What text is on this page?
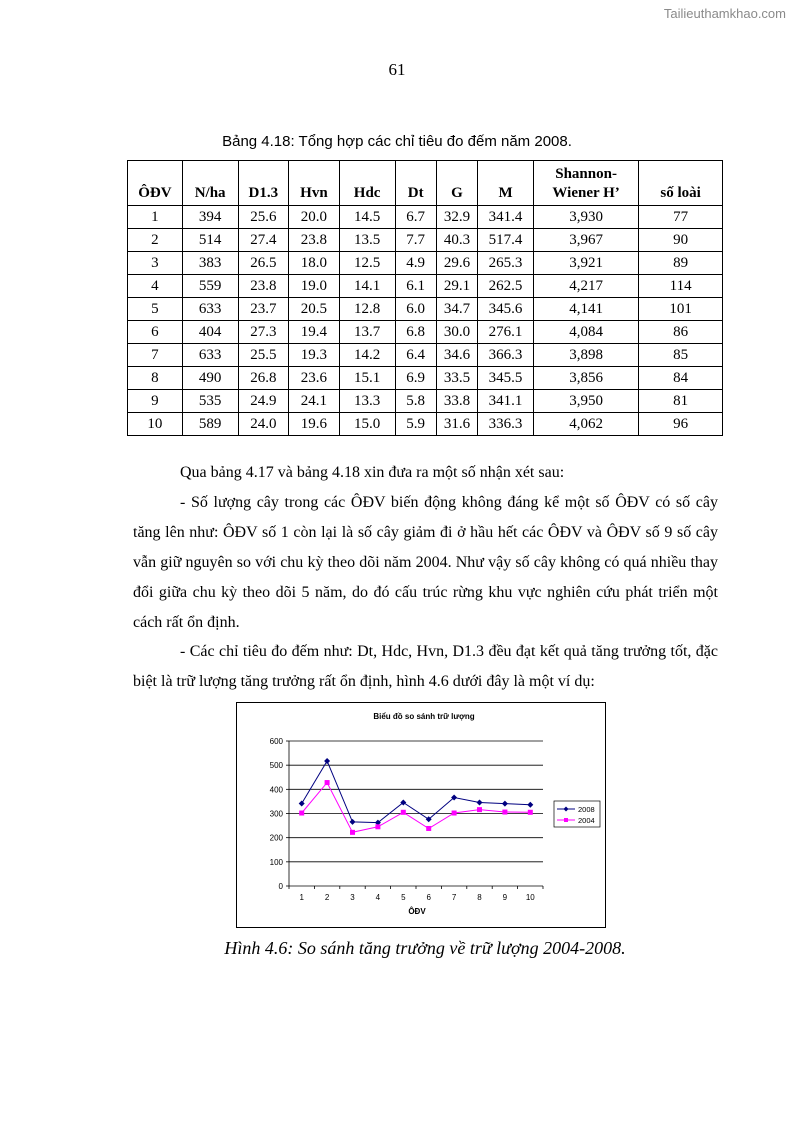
Tailieuthamkhao.com
61
Bảng 4.18: Tổng hợp các chỉ tiêu đo đếm năm 2008.
ÔĐV	N/ha	D1.3	Hvn	Hdc	Dt	G	M	Shannon-
Wiener H’	số loài
1	394	25.6	20.0	14.5	6.7	32.9	341.4	3,930	77
2	514	27.4	23.8	13.5	7.7	40.3	517.4	3,967	90
3	383	26.5	18.0	12.5	4.9	29.6	265.3	3,921	89
4	559	23.8	19.0	14.1	6.1	29.1	262.5	4,217	114
5	633	23.7	20.5	12.8	6.0	34.7	345.6	4,141	101
6	404	27.3	19.4	13.7	6.8	30.0	276.1	4,084	86
7	633	25.5	19.3	14.2	6.4	34.6	366.3	3,898	85
8	490	26.8	23.6	15.1	6.9	33.5	345.5	3,856	84
9	535	24.9	24.1	13.3	5.8	33.8	341.1	3,950	81
10	589	24.0	19.6	15.0	5.9	31.6	336.3	4,062	96
Qua bảng 4.17 và bảng 4.18 xin đưa ra một số nhận xét sau:
- Số lượng cây trong các ÔĐV biến động không đáng kể một số ÔĐV có số cây tăng lên như: ÔĐV số 1 còn lại là số cây giảm đi ở hầu hết các ÔĐV và ÔĐV số 9 số cây vẫn giữ nguyên so với chu kỳ theo dõi năm 2004. Như vậy số cây không có quá nhiều thay đổi giữa chu kỳ theo dõi 5 năm, do đó cấu trúc rừng khu vực nghiên cứu phát triển một cách rất ổn định.
- Các chỉ tiêu đo đếm như: Dt, Hdc, Hvn, D1.3 đều đạt kết quả tăng trưởng tốt, đặc biệt là trữ lượng tăng trưởng rất ổn định, hình 4.6 dưới đây là một ví dụ:
Biểu đồ so sánh trữ lượng
ÔĐV
0
100
200
300
400
500
600
1	2	3	4	5	6	7	8	9 10
2008
2004
Hình 4.6: So sánh tăng trưởng về trữ lượng 2004-2008.
